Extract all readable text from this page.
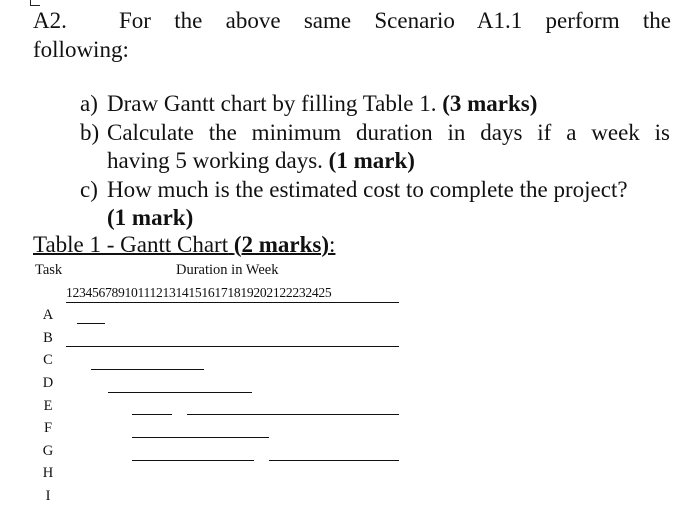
A2. For the above same Scenario A1.1 perform the
following:
a) Draw Gantt chart by filling Table 1. (3 marks)
b) Calculate the minimum duration in days if a week is
having 5 working days. (1 mark)
c) How much is the estimated cost to complete the project?
(1 mark)
Table 1 - Gantt Chart (2 marks):
Task	Duration in Week
12345678910111213141516171819202122232425
A
B
C
D
E
F
G
H
I
